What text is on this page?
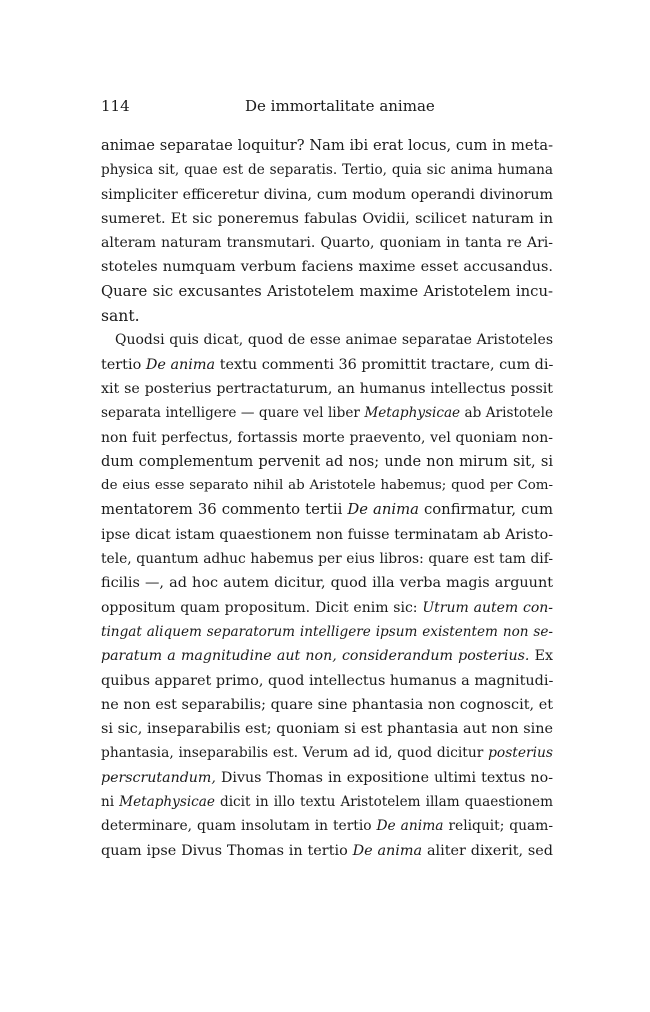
114	De immortalitate animae
animae separatae loquitur? Nam ibi erat locus, cum in meta-
physica sit, quae est de separatis. Tertio, quia sic anima humana
simpliciter efficeretur divina, cum modum operandi divinorum
sumeret. Et sic poneremus fabulas Ovidii, scilicet naturam in
alteram naturam transmutari. Quarto, quoniam in tanta re Ari-
stoteles numquam verbum faciens maxime esset accusandus.
Quare sic excusantes Aristotelem maxime Aristotelem incu-
sant.
Quodsi quis dicat, quod de esse animae separatae Aristoteles
tertio De anima textu commenti 36 promittit tractare, cum di-
xit se posterius pertractaturum, an humanus intellectus possit
separata intelligere — quare vel liber Metaphysicae ab Aristotele
non fuit perfectus, fortassis morte praevento, vel quoniam non-
dum complementum pervenit ad nos; unde non mirum sit, si
de eius esse separato nihil ab Aristotele habemus; quod per Com-
mentatorem 36 commento tertii De anima confirmatur, cum
ipse dicat istam quaestionem non fuisse terminatam ab Aristo-
tele, quantum adhuc habemus per eius libros: quare est tam dif-
ficilis —, ad hoc autem dicitur, quod illa verba magis arguunt
oppositum quam propositum. Dicit enim sic: Utrum autem con-
tingat aliquem separatorum intelligere ipsum existentem non se-
paratum a magnitudine aut non, considerandum posterius. Ex
quibus apparet primo, quod intellectus humanus a magnitudi-
ne non est separabilis; quare sine phantasia non cognoscit, et
si sic, inseparabilis est; quoniam si est phantasia aut non sine
phantasia, inseparabilis est. Verum ad id, quod dicitur posterius
perscrutandum, Divus Thomas in expositione ultimi textus no-
ni Metaphysicae dicit in illo textu Aristotelem illam quaestionem
determinare, quam insolutam in tertio De anima reliquit; quam-
quam ipse Divus Thomas in tertio De anima aliter dixerit, sed
